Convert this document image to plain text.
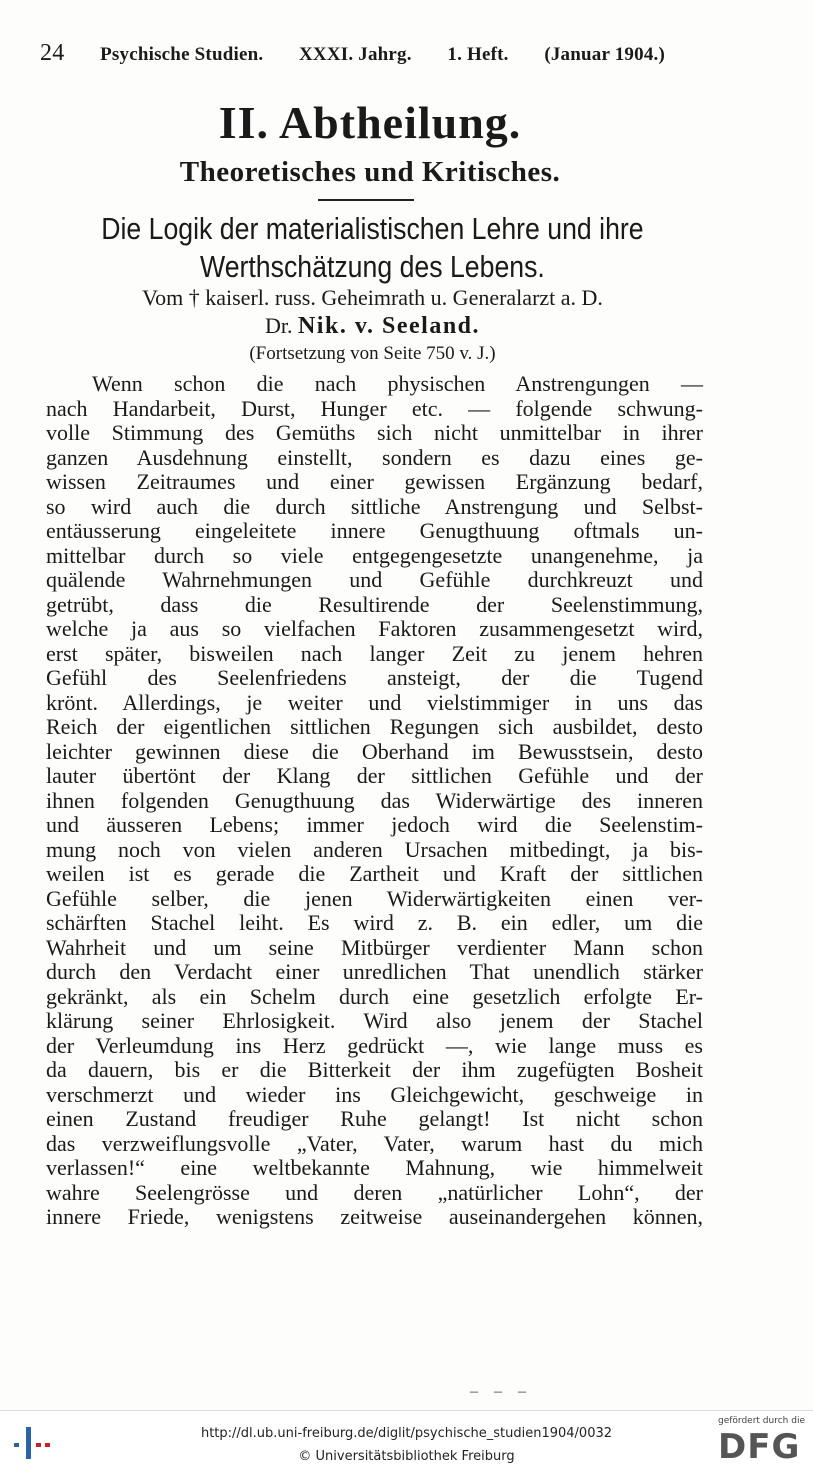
24 Psychische Studien. XXXI. Jahrg. 1. Heft. (Januar 1904.)
II. Abtheilung.
Theoretisches und Kritisches.
Die Logik der materialistischen Lehre und ihre
Werthschätzung des Lebens.
Vom † kaiserl. russ. Geheimrath u. Generalarzt a. D.
Dr. Nik. v. Seeland.
(Fortsetzung von Seite 750 v. J.)
Wenn schon die nach physischen Anstrengungen —
nach Handarbeit, Durst, Hunger etc. — folgende schwung-
volle Stimmung des Gemüths sich nicht unmittelbar in ihrer
ganzen Ausdehnung einstellt, sondern es dazu eines ge-
wissen Zeitraumes und einer gewissen Ergänzung bedarf,
so wird auch die durch sittliche Anstrengung und Selbst-
entäusserung eingeleitete innere Genugthuung oftmals un-
mittelbar durch so viele entgegengesetzte unangenehme, ja
quälende Wahrnehmungen und Gefühle durchkreuzt und
getrübt, dass die Resultirende der Seelenstimmung,
welche ja aus so vielfachen Faktoren zusammengesetzt wird,
erst später, bisweilen nach langer Zeit zu jenem hehren
Gefühl des Seelenfriedens ansteigt, der die Tugend
krönt. Allerdings, je weiter und vielstimmiger in uns das
Reich der eigentlichen sittlichen Regungen sich ausbildet, desto
leichter gewinnen diese die Oberhand im Bewusstsein, desto
lauter übertönt der Klang der sittlichen Gefühle und der
ihnen folgenden Genugthuung das Widerwärtige des inneren
und äusseren Lebens; immer jedoch wird die Seelenstim-
mung noch von vielen anderen Ursachen mitbedingt, ja bis-
weilen ist es gerade die Zartheit und Kraft der sittlichen
Gefühle selber, die jenen Widerwärtigkeiten einen ver-
schärften Stachel leiht. Es wird z. B. ein edler, um die
Wahrheit und um seine Mitbürger verdienter Mann schon
durch den Verdacht einer unredlichen That unendlich stärker
gekränkt, als ein Schelm durch eine gesetzlich erfolgte Er-
klärung seiner Ehrlosigkeit. Wird also jenem der Stachel
der Verleumdung ins Herz gedrückt —, wie lange muss es
da dauern, bis er die Bitterkeit der ihm zugefügten Bosheit
verschmerzt und wieder ins Gleichgewicht, geschweige in
einen Zustand freudiger Ruhe gelangt! Ist nicht schon
das verzweiflungsvolle „Vater, Vater, warum hast du mich
verlassen!“ eine weltbekannte Mahnung, wie himmelweit
wahre Seelengrösse und deren „natürlicher Lohn“, der
innere Friede, wenigstens zeitweise auseinandergehen können,
– – –
http://dl.ub.uni-freiburg.de/diglit/psychische_studien1904/0032
© Universitätsbibliothek Freiburg
gefördert durch die
DFG
